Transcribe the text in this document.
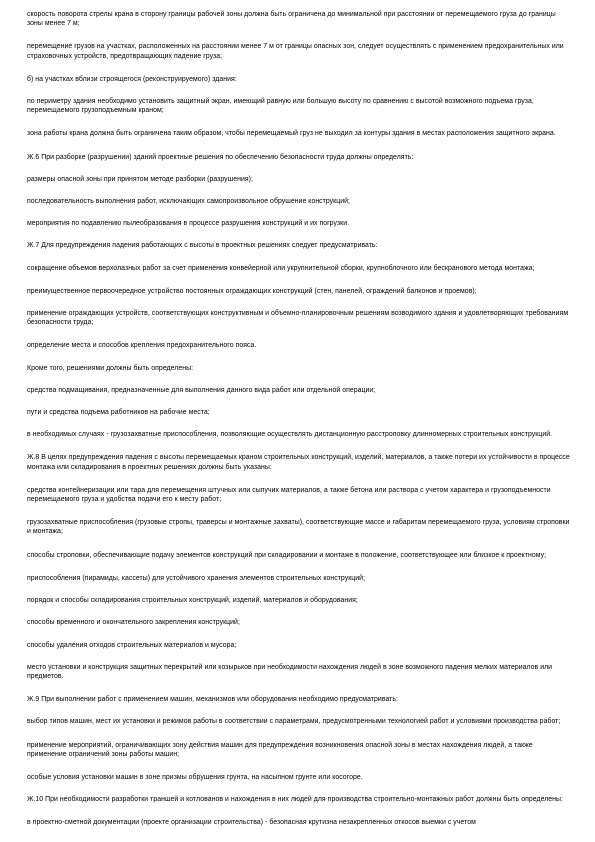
скорость поворота стрелы крана в сторону границы рабочей зоны должна быть ограничена до минимальной при расстоянии от перемещаемого груза до границы зоны менее 7 м;

перемещение грузов на участках, расположенных на расстоянии менее 7 м от границы опасных зон, следует осуществлять с применением предохранительных или страховочных устройств, предотвращающих падение груза;

б) на участках вблизи строящегося (реконструируемого) здания:

по периметру здания необходимо установить защитный экран, имеющий равную или большую высоту по сравнению с высотой возможного подъема груза, перемещаемого грузоподъемным краном;

зона работы крана должна быть ограничена таким образом, чтобы перемещаемый груз не выходил за контуры здания в местах расположения защитного экрана.

Ж.6 При разборке (разрушении) зданий проектные решения по обеспечению безопасности труда должны определять:

размеры опасной зоны при принятом методе разборки (разрушения);

последовательность выполнения работ, исключающих самопроизвольное обрушение конструкций;

мероприятия по подавлению пылеобразования в процессе разрушения конструкций и их погрузки.

Ж.7 Для предупреждения падения работающих с высоты в проектных решениях следует предусматривать:

сокращение объемов верхолазных работ за счет применения конвейерной или укрупнительной сборки, крупноблочного или бескранового метода монтажа;

преимущественное первоочередное устройство постоянных ограждающих конструкций (стен, панелей, ограждений балконов и проемов);

применение ограждающих устройств, соответствующих конструктивным и объемно-планировочным решениям возводимого здания и удовлетворяющих требованиям безопасности труда;

определение места и способов крепления предохранительного пояса.

Кроме того, решениями должны быть определены:

средства подмащивания, предназначенные для выполнения данного вида работ или отдельной операции;

пути и средства подъема работников на рабочие места;

в необходимых случаях - грузозахватные приспособления, позволяющие осуществлять дистанционную расстроповку длинномерных строительных конструкций.

Ж.8 В целях предупреждения падения с высоты перемещаемых краном строительных конструкций, изделий, материалов, а также потери их устойчивости в процессе монтажа или складирования в проектных решениях должны быть указаны:

средства контейнеризации или тара для перемещения штучных или сыпучих материалов, а также бетона или раствора с учетом характера и грузоподъемности перемещаемого груза и удобства подачи его к месту работ;

грузозахватные приспособления (грузовые стропы, траверсы и монтажные захваты), соответствующие массе и габаритам перемещаемого груза, условиям строповки и монтажа;

способы строповки, обеспечивающие подачу элементов конструкций при складировании и монтаже в положение, соответствующее или близкое к проектному;

приспособления (пирамиды, кассеты) для устойчивого хранения элементов строительных конструкций;

порядок и способы складирования строительных конструкций, изделий, материалов и оборудования;

способы временного и окончательного закрепления конструкций;

способы удаления отходов строительных материалов и мусора;

место установки и конструкция защитных перекрытий или козырьков при необходимости нахождения людей в зоне возможного падения мелких материалов или предметов.

Ж.9 При выполнении работ с применением машин, механизмов или оборудования необходимо предусматривать:

выбор типов машин, мест их установки и режимов работы в соответствии с параметрами, предусмотренными технологией работ и условиями производства работ;

применение мероприятий, ограничивающих зону действия машин для предупреждения возникновения опасной зоны в местах нахождения людей, а также применение ограничений зоны работы машин;

особые условия установки машин в зоне призмы обрушения грунта, на насыпном грунте или косогоре.

Ж.10 При необходимости разработки траншей и котлованов и нахождения в них людей для производства строительно-монтажных работ должны быть определены:

в проектно-сметной документации (проекте организации строительства) - безопасная крутизна незакрепленных откосов выемки с учетом
